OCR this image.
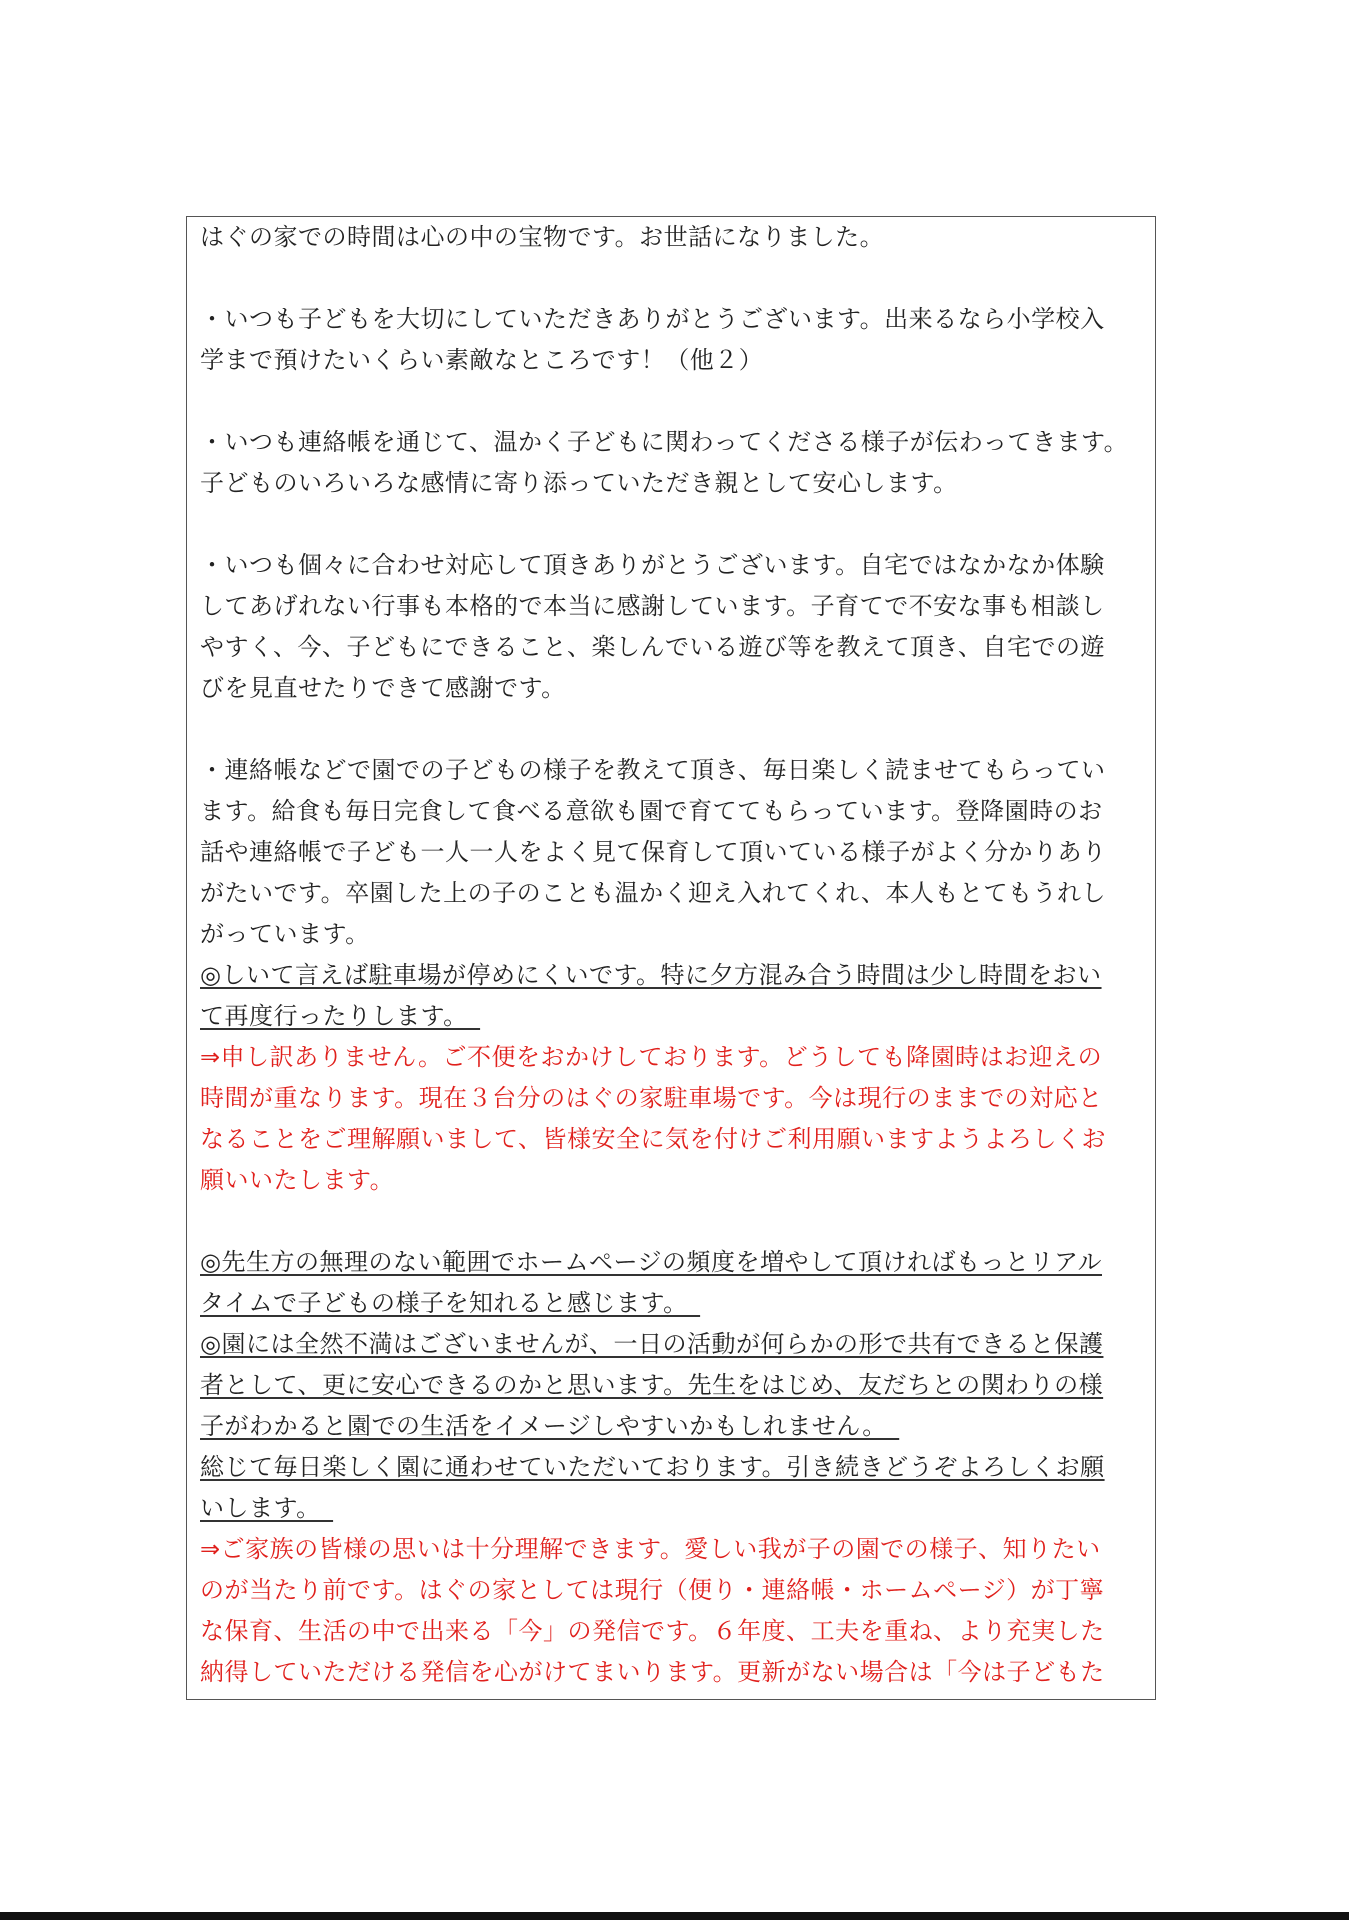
はぐの家での時間は心の中の宝物です。お世話になりました。
・いつも子どもを大切にしていただきありがとうございます。出来るなら小学校入
学まで預けたいくらい素敵なところです！（他２）
・いつも連絡帳を通じて、温かく子どもに関わってくださる様子が伝わってきます。
子どものいろいろな感情に寄り添っていただき親として安心します。
・いつも個々に合わせ対応して頂きありがとうございます。自宅ではなかなか体験
してあげれない行事も本格的で本当に感謝しています。子育てで不安な事も相談し
やすく、今、子どもにできること、楽しんでいる遊び等を教えて頂き、自宅での遊
びを見直せたりできて感謝です。
・連絡帳などで園での子どもの様子を教えて頂き、毎日楽しく読ませてもらってい
ます。給食も毎日完食して食べる意欲も園で育ててもらっています。登降園時のお
話や連絡帳で子ども一人一人をよく見て保育して頂いている様子がよく分かりあり
がたいです。卒園した上の子のことも温かく迎え入れてくれ、本人もとてもうれし
がっています。
◎しいて言えば駐車場が停めにくいです。特に夕方混み合う時間は少し時間をおい
て再度行ったりします。　
⇒申し訳ありません。ご不便をおかけしております。どうしても降園時はお迎えの
時間が重なります。現在３台分のはぐの家駐車場です。今は現行のままでの対応と
なることをご理解願いまして、皆様安全に気を付けご利用願いますようよろしくお
願いいたします。
◎先生方の無理のない範囲でホームページの頻度を増やして頂ければもっとリアル
タイムで子どもの様子を知れると感じます。　
◎園には全然不満はございませんが、一日の活動が何らかの形で共有できると保護
者として、更に安心できるのかと思います。先生をはじめ、友だちとの関わりの様
子がわかると園での生活をイメージしやすいかもしれません。　
総じて毎日楽しく園に通わせていただいております。引き続きどうぞよろしくお願
いします。　
⇒ご家族の皆様の思いは十分理解できます。愛しい我が子の園での様子、知りたい
のが当たり前です。はぐの家としては現行（便り・連絡帳・ホームページ）が丁寧
な保育、生活の中で出来る「今」の発信です。６年度、工夫を重ね、より充実した
納得していただける発信を心がけてまいります。更新がない場合は「今は子どもた
